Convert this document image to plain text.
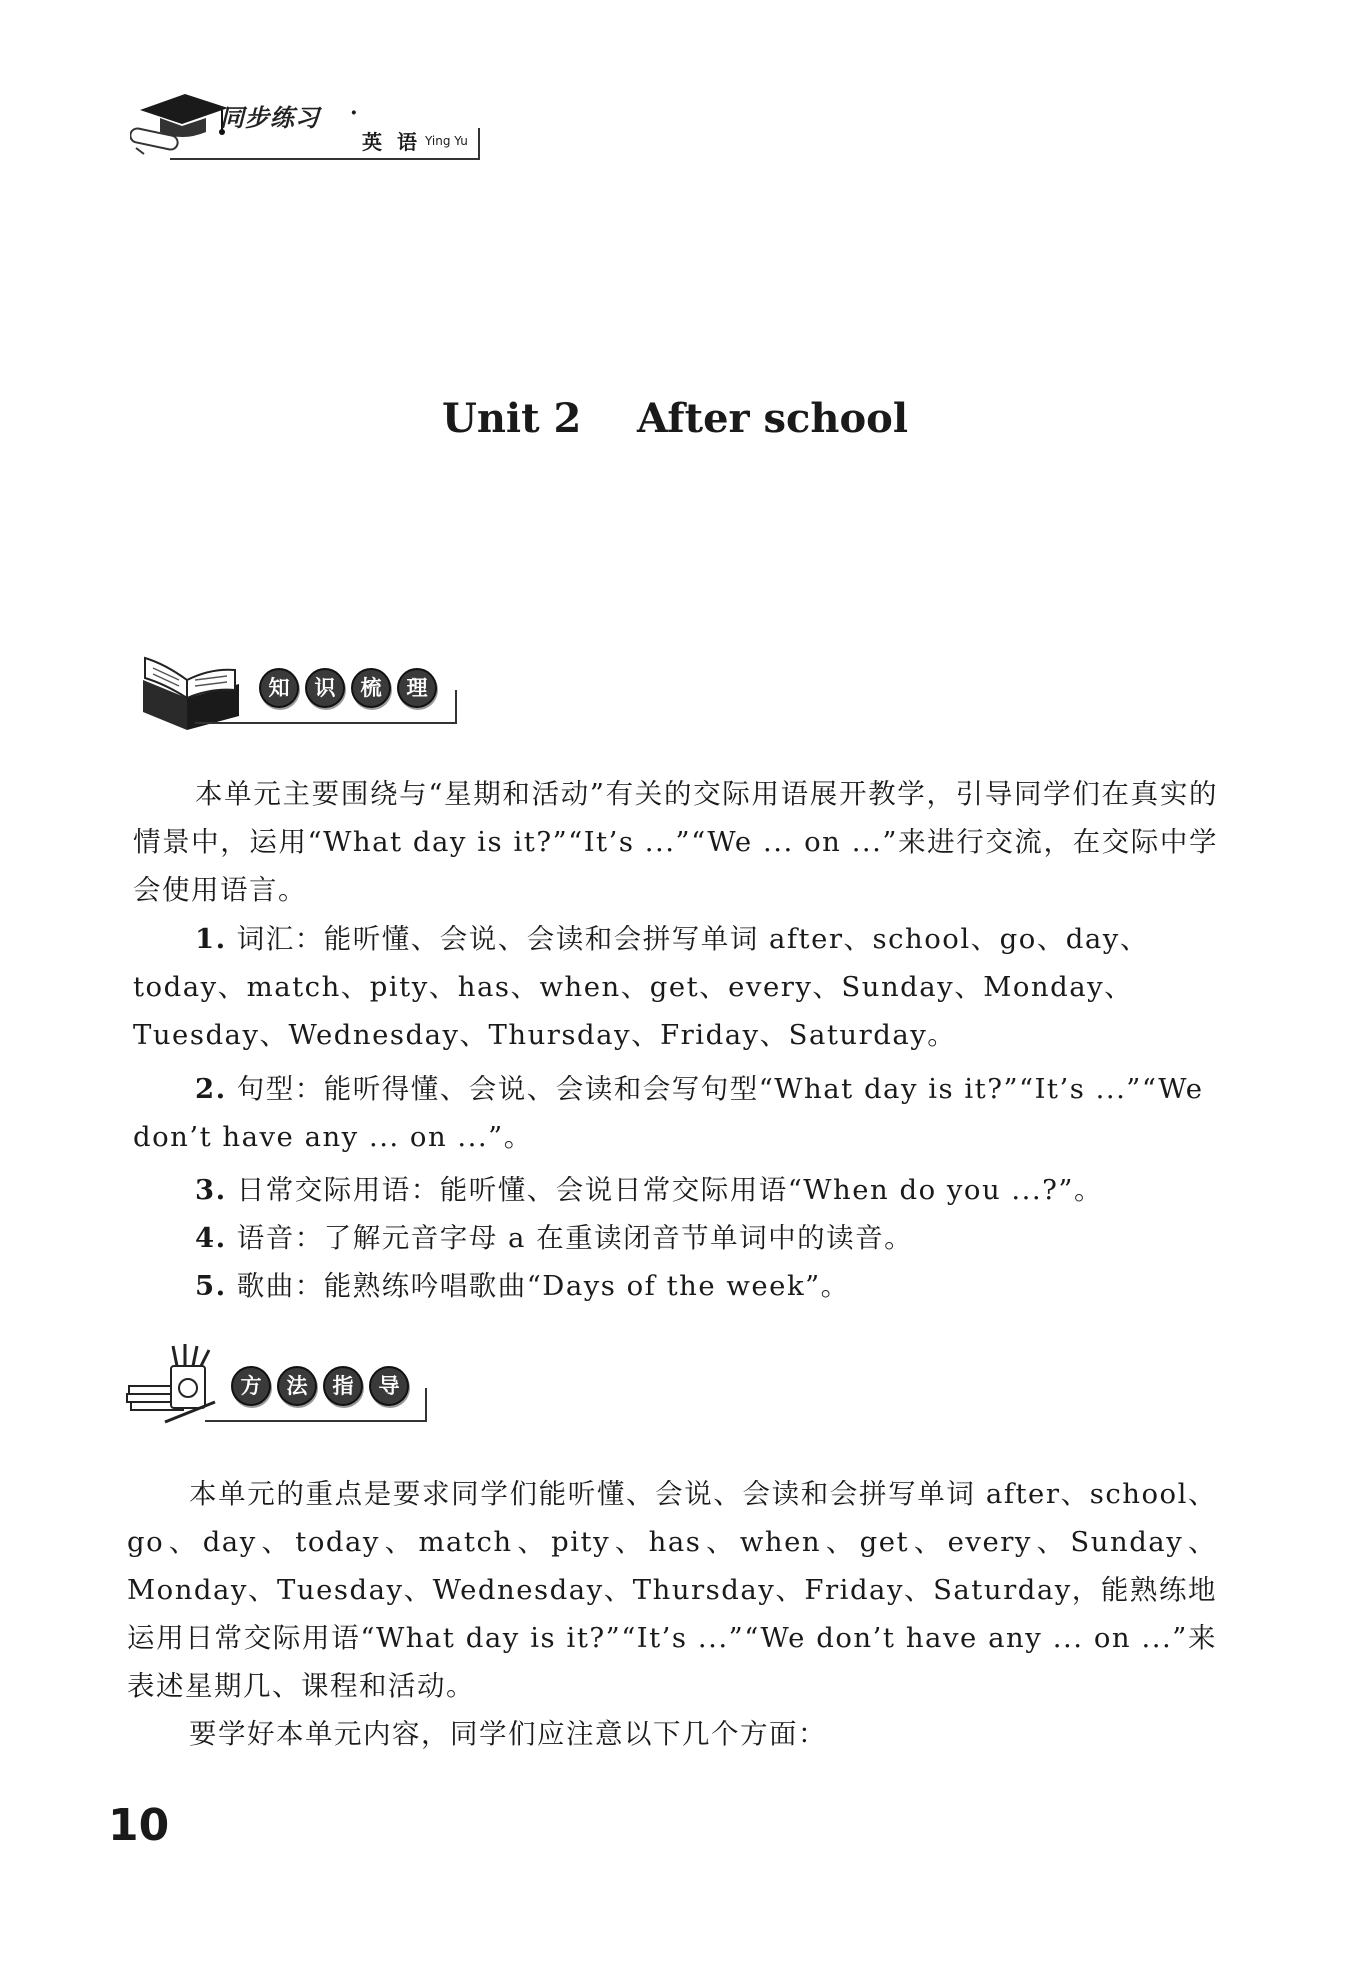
同步练习 ·
英 语 Ying Yu
Unit 2    After school
知	识	梳	理
本单元主要围绕与“星期和活动”有关的交际用语展开教学，引导同学们在真实的情景中，运用“What day is it?”“It’s ...”“We ... on ...”来进行交流，在交际中学会使用语言。
1. 词汇：能听懂、会说、会读和会拼写单词 after、school、go、day、today、match、pity、has、when、get、every、Sunday、Monday、Tuesday、Wednesday、Thursday、Friday、Saturday。
2. 句型：能听得懂、会说、会读和会写句型“What day is it?”“It’s ...”“We don’t have any ... on ...”。
3. 日常交际用语：能听懂、会说日常交际用语“When do you ...?”。
4. 语音：了解元音字母 a 在重读闭音节单词中的读音。
5. 歌曲：能熟练吟唱歌曲“Days of the week”。
方	法	指	导
本单元的重点是要求同学们能听懂、会说、会读和会拼写单词 after、school、go、day、today、match、pity、has、when、get、every、Sunday、Monday、Tuesday、Wednesday、Thursday、Friday、Saturday，能熟练地运用日常交际用语“What day is it?”“It’s ...”“We don’t have any ... on ...”来表述星期几、课程和活动。
要学好本单元内容，同学们应注意以下几个方面：
10
